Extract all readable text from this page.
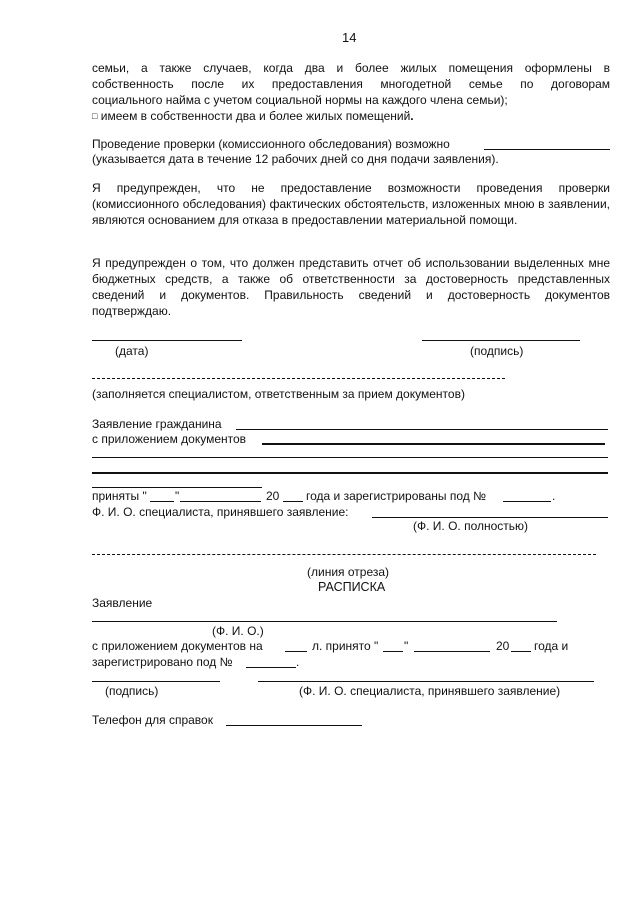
14
семьи, а также случаев, когда два и более жилых помещения оформлены в
собственность после их предоставления многодетной семье по договорам
социального найма с учетом социальной нормы на каждого члена семьи);
□ имеем в собственности два и более жилых помещений.
Проведение проверки (комиссионного обследования) возможно
(указывается дата в течение 12 рабочих дней со дня подачи заявления).
Я предупрежден, что не предоставление возможности проведения проверки (комиссионного обследования) фактических обстоятельств, изложенных мною в заявлении, являются основанием для отказа в предоставлении материальной помощи.
Я предупрежден о том, что должен представить отчет об использовании выделенных мне бюджетных средств, а также об ответственности за достоверность представленных сведений и документов. Правильность сведений и достоверность документов подтверждаю.
(дата)	(подпись)
(заполняется специалистом, ответственным за прием документов)
Заявление гражданина
с приложением документов
приняты " "	20 года и зарегистрированы под №	.
Ф. И. О. специалиста, принявшего заявление:
(Ф. И. О. полностью)
(линия отреза)
РАСПИСКА
Заявление
(Ф. И. О.)
с приложением документов на	л. принято " "	20 года и
зарегистрировано под №	.
(подпись)	(Ф. И. О. специалиста, принявшего заявление)
Телефон для справок
